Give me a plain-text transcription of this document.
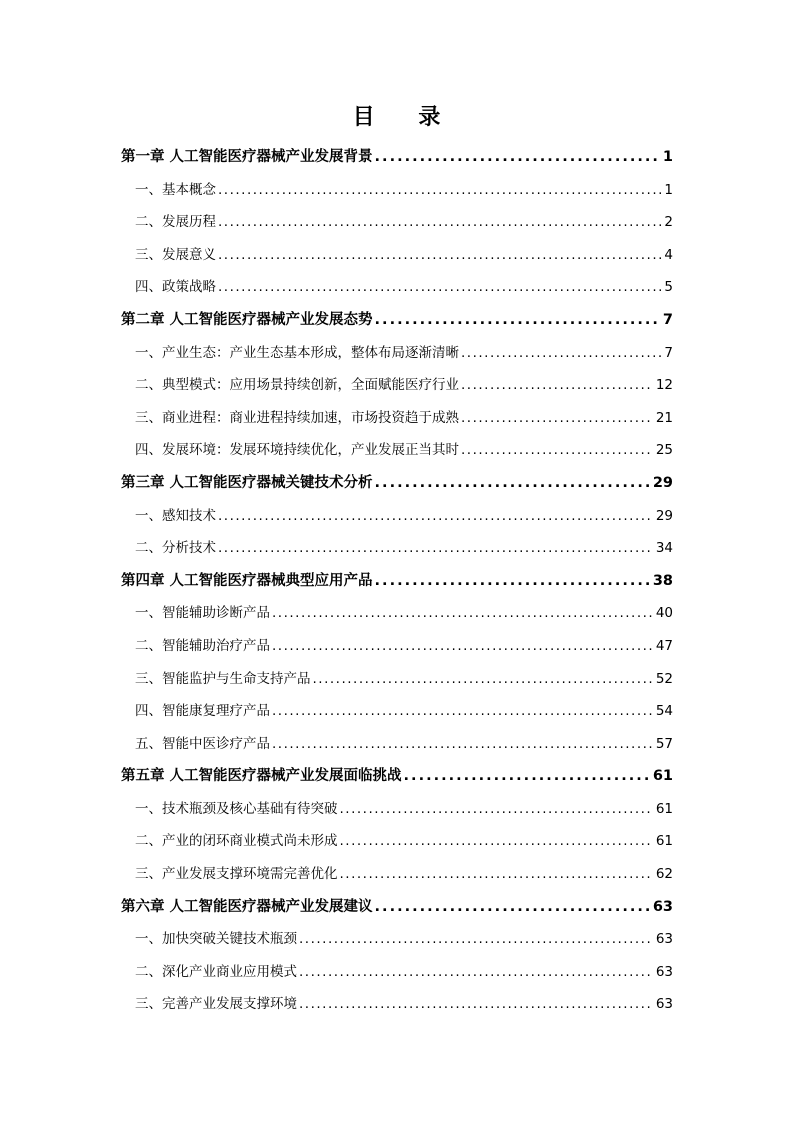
目 录
第一章 人工智能医疗器械产业发展背景 .....	1
一、基本概念 .....	1
二、发展历程 .....	2
三、发展意义 .....	4
四、政策战略 .....	5
第二章 人工智能医疗器械产业发展态势 .....	7
一、产业生态：产业生态基本形成，整体布局逐渐清晰 .....	7
二、典型模式：应用场景持续创新，全面赋能医疗行业 .....	12
三、商业进程：商业进程持续加速，市场投资趋于成熟 .....	21
四、发展环境：发展环境持续优化，产业发展正当其时 .....	25
第三章 人工智能医疗器械关键技术分析 .....	29
一、感知技术 .....	29
二、分析技术 .....	34
第四章 人工智能医疗器械典型应用产品 .....	38
一、智能辅助诊断产品 .....	40
二、智能辅助治疗产品 .....	47
三、智能监护与生命支持产品 .....	52
四、智能康复理疗产品 .....	54
五、智能中医诊疗产品 .....	57
第五章 人工智能医疗器械产业发展面临挑战 .....	61
一、技术瓶颈及核心基础有待突破 .....	61
二、产业的闭环商业模式尚未形成 .....	61
三、产业发展支撑环境需完善优化 .....	62
第六章 人工智能医疗器械产业发展建议 .....	63
一、加快突破关键技术瓶颈 .....	63
二、深化产业商业应用模式 .....	63
三、完善产业发展支撑环境 .....	63
